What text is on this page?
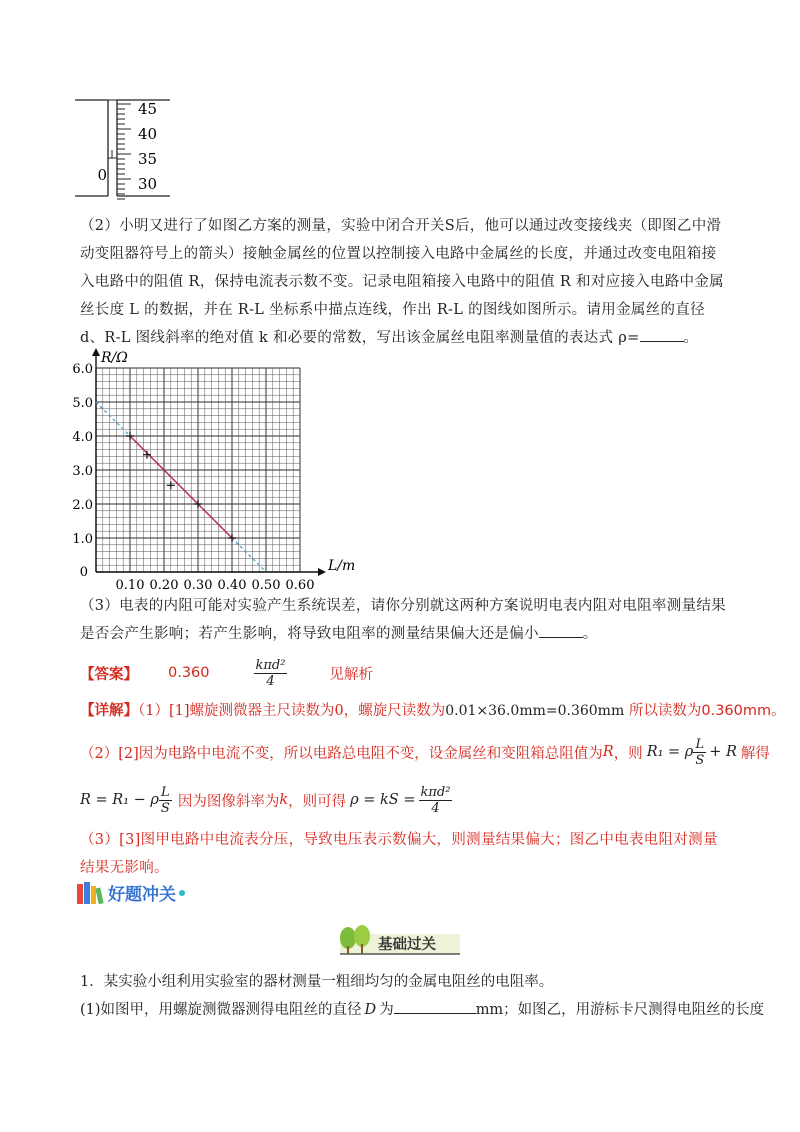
0
45
40
35
30
（2）小明又进行了如图乙方案的测量，实验中闭合开关S后，他可以通过改变接线夹（即图乙中滑动变阻器符号上的箭头）接触金属丝的位置以控制接入电路中金属丝的长度，并通过改变电阻箱接入电路中的阻值 R，保持电流表示数不变。记录电阻箱接入电路中的阻值 R 和对应接入电路中金属丝长度 L 的数据，并在 R-L 坐标系中描点连线，作出 R-L 的图线如图所示。请用金属丝的直径 d、R-L 图线斜率的绝对值 k 和必要的常数，写出该金属丝电阻率测量值的表达式 ρ=	。
0.10 0.20 0.30 0.40 0.50 0.60
6.0
5.0
4.0
3.0
2.0
1.0
0	L/m
R/Ω
（3）电表的内阻可能对实验产生系统误差，请你分别就这两种方案说明电表内阻对电阻率测量结果是否会产生影响；若产生影响，将导致电阻率的测量结果偏大还是偏小	。
【答案】 0.360	$\frac{\text{kπd²}}{4}$	见解析
【详解】（1）[1]螺旋测微器主尺读数为0，螺旋尺读数为0.01×36.0mm=0.360mm 所以读数为0.360mm。
（2）[2]因为电路中电流不变，所以电路总电阻不变，设金属丝和变阻箱总阻值为 R ，则 R₁ = ρ $\frac{L}{S} + R$ 解得
R = R₁ − ρ $\frac{L}{S}$ 因为图像斜率为 k ，则可得 ρ = kS = $\frac{\text{kπd²}}{4}$
（3）[3]图甲电路中电流表分压，导致电压表示数偏大，则测量结果偏大；图乙中电表电阻对测量结果无影响。
好题冲关
基础过关
1．某实验小组利用实验室的器材测量一粗细均匀的金属电阻丝的电阻率。
(1)如图甲，用螺旋测微器测得电阻丝的直径 D 为	mm；如图乙，用游标卡尺测得电阻丝的长度
